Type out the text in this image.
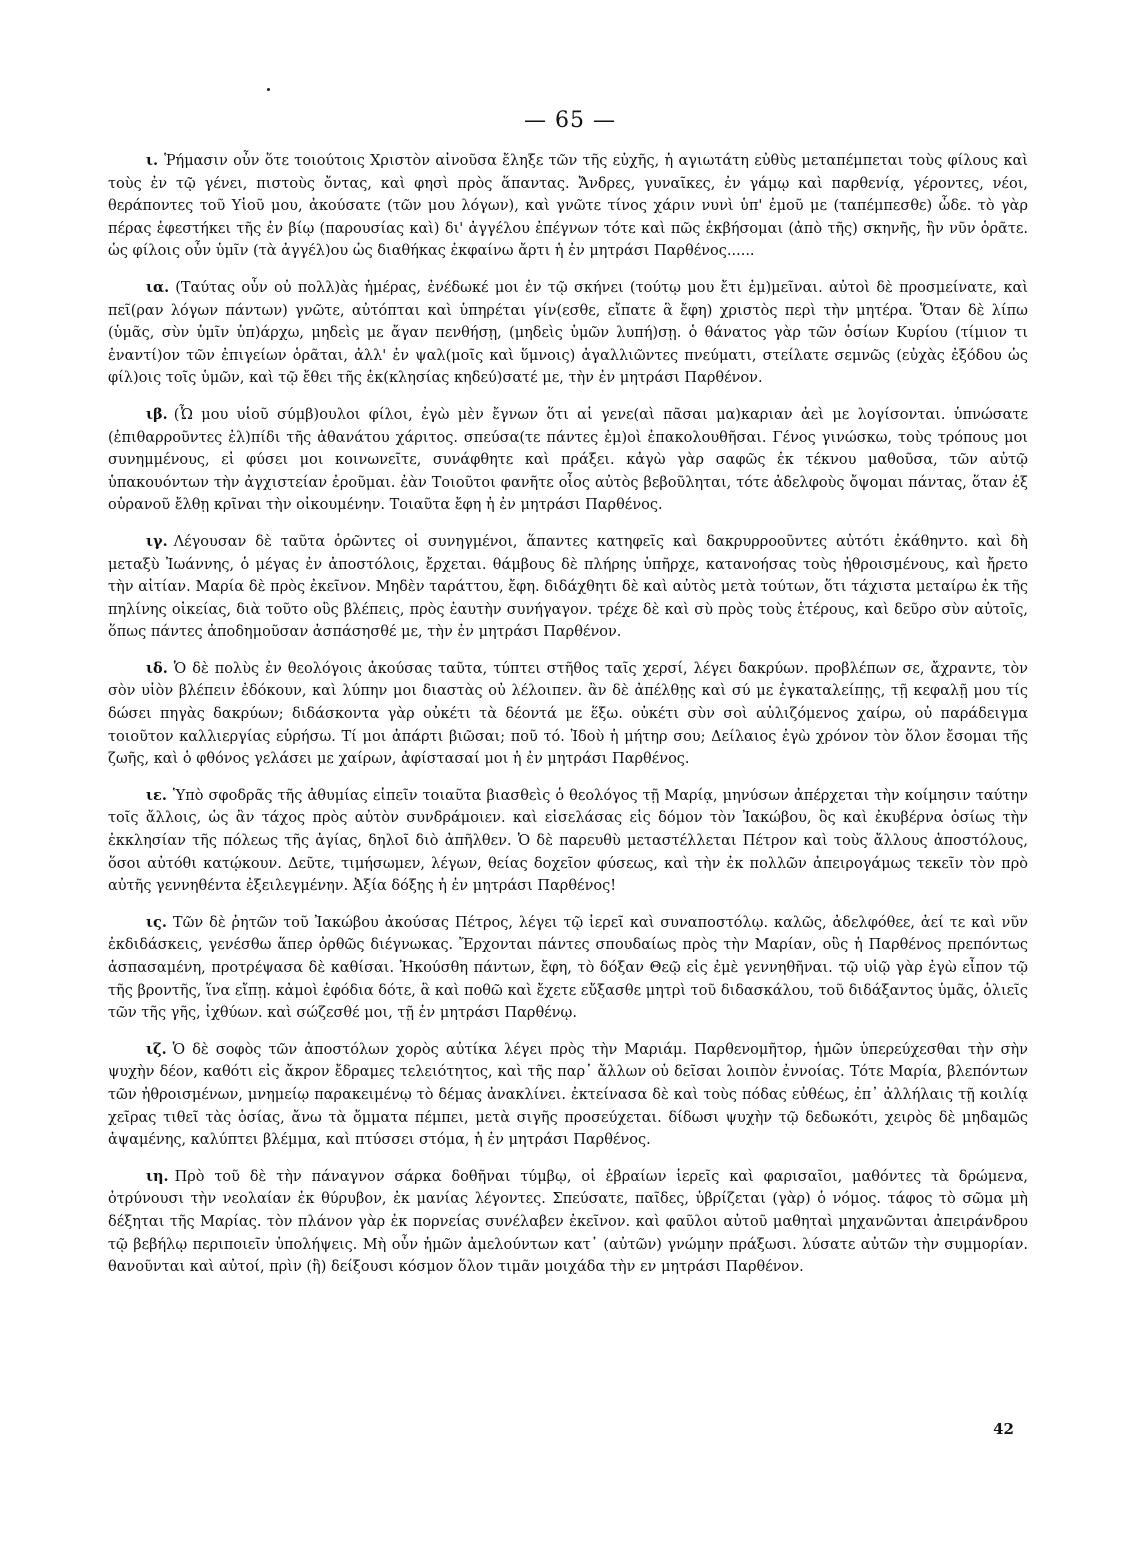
— 65 —

ι. Ῥήμασιν οὖν ὅτε τοιούτοις Χριστὸν αἰνοῦσα ἔληξε τῶν τῆς εὐχῆς, ἡ αγιωτάτη εὐθὺς μεταπέμπεται τοὺς φίλους καὶ τοὺς ἐν τῷ γένει, πιστοὺς ὄντας, καὶ φησὶ πρὸς ἅπαντας. Ἄνδρες, γυναῖκες, ἐν γάμῳ καὶ παρθενίᾳ, γέροντες, νέοι, θεράποντες τοῦ Υἱοῦ μου, ἀκούσατε (τῶν μου λόγων), καὶ γνῶτε τίνος χάριν νυνὶ ὑπ' ἐμοῦ με (ταπέμπεσθε) ὧδε. τὸ γὰρ πέρας ἐφεστήκει τῆς ἐν βίῳ (παρουσίας καὶ) δι' ἀγγέλου ἐπέγνων τότε καὶ πῶς ἐκβήσομαι (ἀπὸ τῆς) σκηνῆς, ἣν νῦν ὁρᾶτε. ὡς φίλοις οὖν ὑμῖν (τὰ ἀγγέλ)ου ὡς διαθήκας ἐκφαίνω ἄρτι ἡ ἐν μητράσι Παρθένος......

ια. (Ταύτας οὖν οὐ πολλ)ὰς ἡμέρας, ἐνέδωκέ μοι ἐν τῷ σκήνει (τούτῳ μου ἔτι ἐμ)μεῖναι. αὐτοὶ δὲ προσμείνατε, καὶ πεῖ(ραν λόγων πάντων) γνῶτε, αὐτόπται καὶ ὑπηρέται γίν(εσθε, εἴπατε ἃ ἔφη) χριστὸς περὶ τὴν μητέρα. Ὅταν δὲ λίπω (ὑμᾶς, σὺν ὑμῖν ὑπ)άρχω, μηδεὶς με ἄγαν πενθήσῃ, (μηδεὶς ὑμῶν λυπή)σῃ. ὁ θάνατος γὰρ τῶν ὁσίων Κυρίου (τίμιον τι ἐναντί)ον τῶν ἐπιγείων ὁρᾶται, ἀλλ' ἐν ψαλ(μοῖς καὶ ὕμνοις) ἀγαλλιῶντες πνεύματι, στείλατε σεμνῶς (εὐχὰς ἐξόδου ὡς φίλ)οις τοῖς ὑμῶν, καὶ τῷ ἔθει τῆς ἐκ(κλησίας κηδεύ)σατέ με, τὴν ἐν μητράσι Παρθένον.

ιβ. (Ὦ μου υἱοῦ σύμβ)ουλοι φίλοι, ἐγὼ μὲν ἔγνων ὅτι αἱ γενε(αὶ πᾶσαι μα)καριαν ἀεὶ με λογίσονται. ὑπνώσατε (ἐπιθαρροῦντες ἐλ)πίδι τῆς ἀθανάτου χάριτος. σπεύσα(τε πάντες ἐμ)οὶ ἐπακολουθῆσαι. Γένος γινώσκω, τοὺς τρόπους μοι συνημμένους, εἰ φύσει μοι κοινωνεῖτε, συνάφθητε καὶ πράξει. κἀγὼ γὰρ σαφῶς ἐκ τέκνου μαθοῦσα, τῶν αὐτῷ ὑπακουόντων τὴν ἀγχιστείαν ἐροῦμαι. ἐὰν Τοιοῦτοι φανῆτε οἷος αὐτὸς βεβοῦληται, τότε ἀδελφοὺς ὄψομαι πάντας, ὅταν ἐξ οὐρανοῦ ἔλθῃ κρῖναι τὴν οἰκουμένην. Τοιαῦτα ἔφη ἡ ἐν μητράσι Παρθένος.

ιγ. Λέγουσαν δὲ ταῦτα ὁρῶντες οἱ συνηγμένοι, ἅπαντες κατηφεῖς καὶ δακρυρροοῦντες αὐτότι ἐκάθηντο. καὶ δὴ μεταξὺ Ἰωάννης, ὁ μέγας ἐν ἀποστόλοις, ἔρχεται. θάμβους δὲ πλήρης ὑπῆρχε, κατανοήσας τοὺς ἠθροισμένους, καὶ ἤρετο τὴν αἰτίαν. Μαρία δὲ πρὸς ἐκεῖνον. Μηδὲν ταράττου, ἔφη. διδάχθητι δὲ καὶ αὐτὸς μετὰ τούτων, ὅτι τάχιστα μεταίρω ἐκ τῆς πηλίνης οἰκείας, διὰ τοῦτο οὓς βλέπεις, πρὸς ἑαυτὴν συνήγαγον. τρέχε δὲ καὶ σὺ πρὸς τοὺς ἑτέρους, καὶ δεῦρο σὺν αὐτοῖς, ὅπως πάντες ἀποδημοῦσαν ἀσπάσησθέ με, τὴν ἐν μητράσι Παρθένον.

ιδ. Ὁ δὲ πολὺς ἐν θεολόγοις ἀκούσας ταῦτα, τύπτει στῆθος ταῖς χερσί, λέγει δακρύων. προβλέπων σε, ἄχραντε, τὸν σὸν υἱὸν βλέπειν ἐδόκουν, καὶ λύπην μοι διαστὰς οὐ λέλοιπεν. ἂν δὲ ἀπέλθῃς καὶ σύ με ἐγκαταλείπῃς, τῇ κεφαλῇ μου τίς δώσει πηγὰς δακρύων; διδάσκοντα γὰρ οὐκέτι τὰ δέοντά με ἕξω. οὐκέτι σὺν σοὶ αὐλιζόμενος χαίρω, οὐ παράδειγμα τοιοῦτον καλλιεργίας εὑρήσω. Τί μοι ἀπάρτι βιῶσαι; ποῦ τό. Ἰδοὺ ἡ μήτηρ σου; Δείλαιος ἐγὼ χρόνον τὸν ὅλον ἔσομαι τῆς ζωῆς, καὶ ὁ φθόνος γελάσει με χαίρων, ἀφίστασαί μοι ἡ ἐν μητράσι Παρθένος.

ιε. Ὑπὸ σφοδρᾶς τῆς ἀθυμίας εἰπεῖν τοιαῦτα βιασθεὶς ὁ θεολόγος τῇ Μαρίᾳ, μηνύσων ἀπέρχεται τὴν κοίμησιν ταύτην τοῖς ἄλλοις, ὡς ἂν τάχος πρὸς αὐτὸν συνδράμοιεν. καὶ εἰσελάσας εἰς δόμον τὸν Ἰακώβου, ὃς καὶ ἐκυβέρνα ὁσίως τὴν ἐκκλησίαν τῆς πόλεως τῆς ἁγίας, δηλοῖ διὸ ἀπῆλθεν. Ὁ δὲ παρευθὺ μεταστέλλεται Πέτρον καὶ τοὺς ἄλλους ἀποστόλους, ὅσοι αὐτόθι κατῴκουν. Δεῦτε, τιμήσωμεν, λέγων, θείας δοχεῖον φύσεως, καὶ τὴν ἐκ πολλῶν ἀπειρογάμως τεκεῖν τὸν πρὸ αὐτῆς γεννηθέντα ἐξειλεγμένην. Ἀξία δόξης ἡ ἐν μητράσι Παρθένος!

ις. Τῶν δὲ ῥητῶν τοῦ Ἰακώβου ἀκούσας Πέτρος, λέγει τῷ ἱερεῖ καὶ συναποστόλῳ. καλῶς, ἀδελφόθεε, ἀεί τε καὶ νῦν ἐκδιδάσκεις, γενέσθω ἅπερ ὀρθῶς διέγνωκας. Ἔρχονται πάντες σπουδαίως πρὸς τὴν Μαρίαν, οὓς ἡ Παρθένος πρεπόντως ἀσπασαμένη, προτρέψασα δὲ καθίσαι. Ἠκούσθη πάντων, ἔφη, τὸ δόξαν Θεῷ εἰς ἐμὲ γεννηθῆναι. τῷ υἱῷ γὰρ ἐγὼ εἶπον τῷ τῆς βροντῆς, ἵνα εἴπῃ. κἀμοὶ ἐφόδια δότε, ἃ καὶ ποθῶ καὶ ἔχετε εὔξασθε μητρὶ τοῦ διδασκάλου, τοῦ διδάξαντος ὑμᾶς, ὁλιεῖς τῶν τῆς γῆς, ἰχθύων. καὶ σώζεσθέ μοι, τῇ ἐν μητράσι Παρθένῳ.

ιζ. Ὁ δὲ σοφὸς τῶν ἀποστόλων χορὸς αὐτίκα λέγει πρὸς τὴν Μαριάμ. Παρθενομῆτορ, ἡμῶν ὑπερεύχεσθαι τὴν σὴν ψυχὴν δέον, καθότι εἰς ἄκρον ἔδραμες τελειότητος, καὶ τῆς παρ᾽ ἄλλων οὐ δεῖσαι λοιπὸν ἐννοίας. Τότε Μαρία, βλεπόντων τῶν ἠθροισμένων, μνημείῳ παρακειμένῳ τὸ δέμας ἀνακλίνει. ἐκτείνασα δὲ καὶ τοὺς πόδας εὐθέως, ἐπ᾽ ἀλλήλαις τῇ κοιλίᾳ χεῖρας τιθεῖ τὰς ὁσίας, ἄνω τὰ ὄμματα πέμπει, μετὰ σιγῆς προσεύχεται. δίδωσι ψυχὴν τῷ δεδωκότι, χειρὸς δὲ μηδαμῶς ἁψαμένης, καλύπτει βλέμμα, καὶ πτύσσει στόμα, ἡ ἐν μητράσι Παρθένος.

ιη. Πρὸ τοῦ δὲ τὴν πάναγνον σάρκα δοθῆναι τύμβῳ, οἱ ἑβραίων ἱερεῖς καὶ φαρισαῖοι, μαθόντες τὰ δρώμενα, ὀτρύνουσι τὴν νεολαίαν ἐκ θύρυβον, ἐκ μανίας λέγοντες. Σπεύσατε, παῖδες, ὑβρίζεται (γὰρ) ὁ νόμος. τάφος τὸ σῶμα μὴ δέξηται τῆς Μαρίας. τὸν πλάνον γὰρ ἐκ πορνείας συνέλαβεν ἐκεῖνον. καὶ φαῦλοι αὐτοῦ μαθηταὶ μηχανῶνται ἀπειράνδρου τῷ βεβήλῳ περιποιεῖν ὑπολήψεις. Μὴ οὖν ἡμῶν ἀμελούντων κατ᾽ (αὐτῶν) γνώμην πράξωσι. λύσατε αὐτῶν τὴν συμμορίαν. θανοῦνται καὶ αὐτοί, πρὶν (ἢ) δείξουσι κόσμον ὅλον τιμᾶν μοιχάδα τὴν εν μητράσι Παρθένον.

42
